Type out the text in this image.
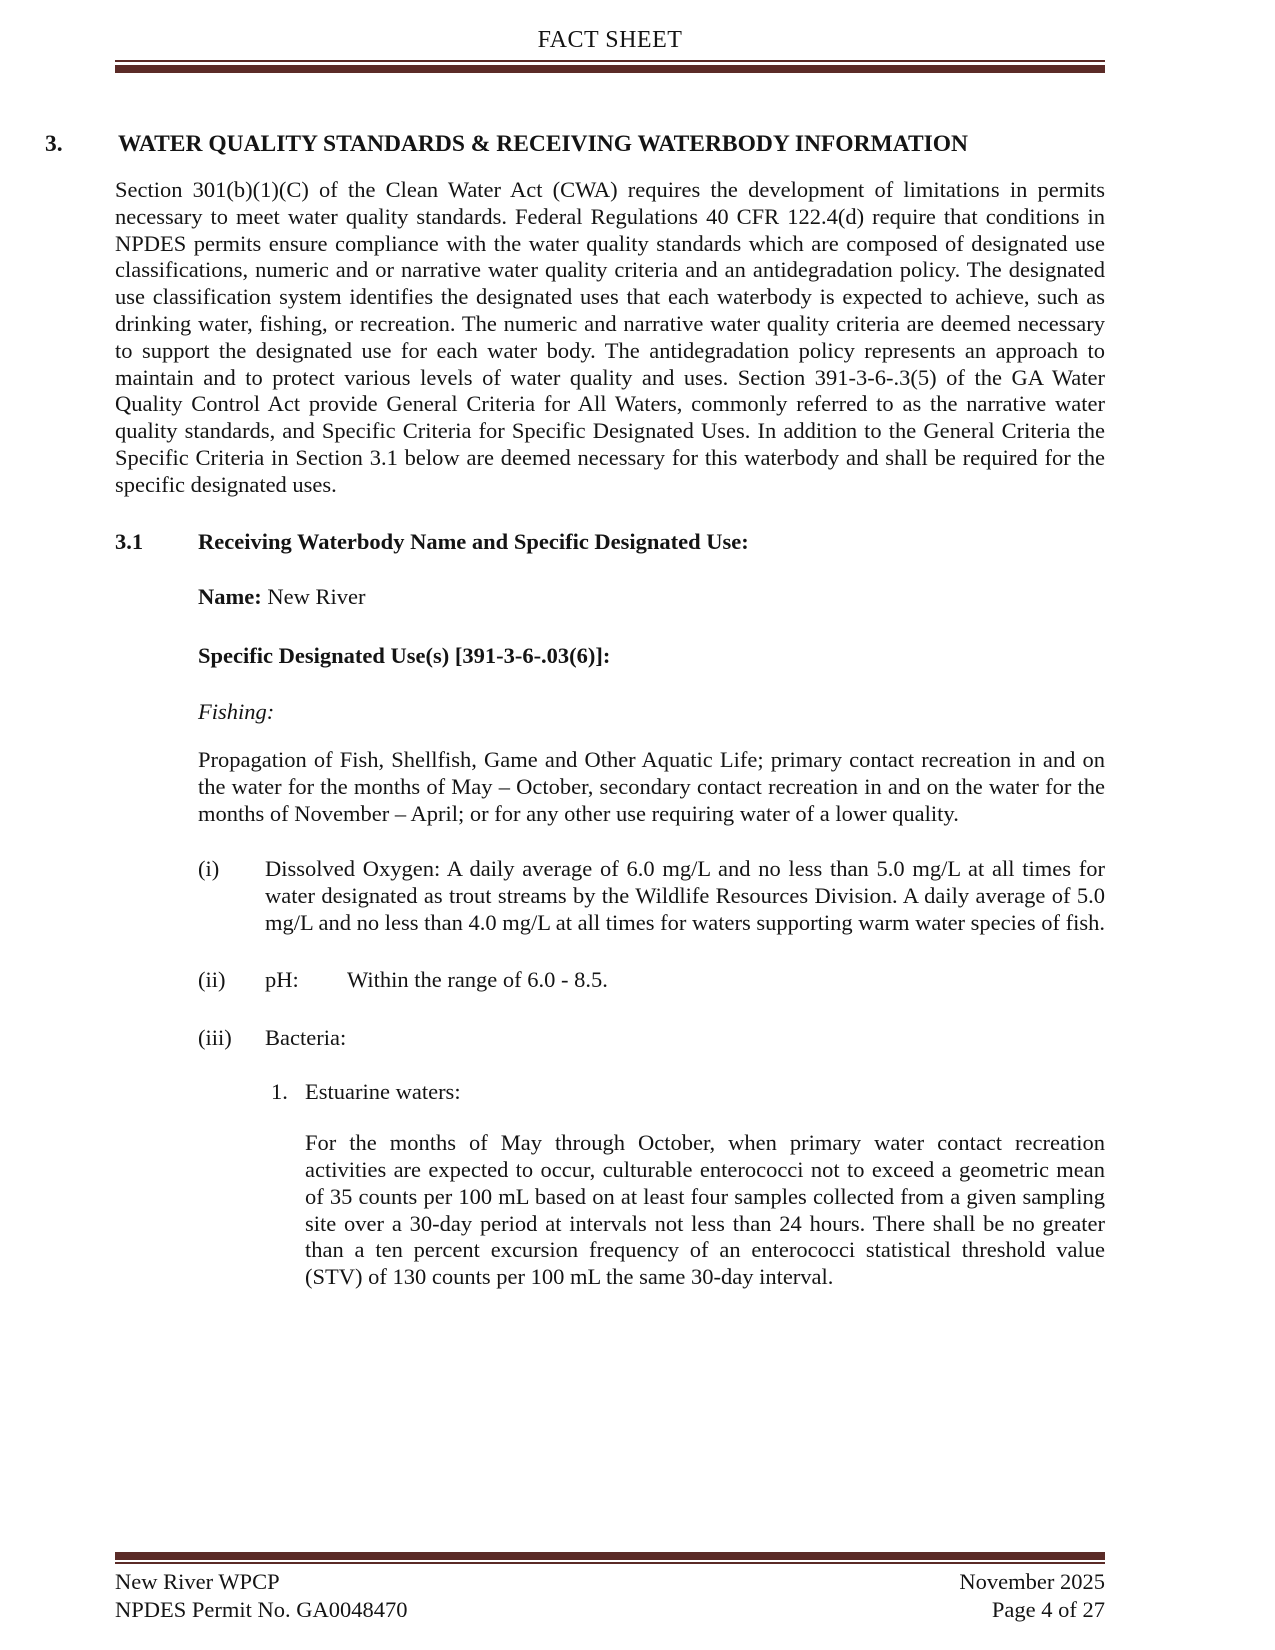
FACT SHEET
3.	WATER QUALITY STANDARDS & RECEIVING WATERBODY INFORMATION

Section 301(b)(1)(C) of the Clean Water Act (CWA) requires the development of limitations in permits necessary to meet water quality standards. Federal Regulations 40 CFR 122.4(d) require that conditions in NPDES permits ensure compliance with the water quality standards which are composed of designated use classifications, numeric and or narrative water quality criteria and an antidegradation policy. The designated use classification system identifies the designated uses that each waterbody is expected to achieve, such as drinking water, fishing, or recreation. The numeric and narrative water quality criteria are deemed necessary to support the designated use for each water body. The antidegradation policy represents an approach to maintain and to protect various levels of water quality and uses. Section 391-3-6-.3(5) of the GA Water Quality Control Act provide General Criteria for All Waters, commonly referred to as the narrative water quality standards, and Specific Criteria for Specific Designated Uses. In addition to the General Criteria the Specific Criteria in Section 3.1 below are deemed necessary for this waterbody and shall be required for the specific designated uses.

3.1	Receiving Waterbody Name and Specific Designated Use:

Name: New River

Specific Designated Use(s) [391-3-6-.03(6)]:

Fishing:

Propagation of Fish, Shellfish, Game and Other Aquatic Life; primary contact recreation in and on the water for the months of May – October, secondary contact recreation in and on the water for the months of November – April; or for any other use requiring water of a lower quality.

(i) Dissolved Oxygen: A daily average of 6.0 mg/L and no less than 5.0 mg/L at all times for water designated as trout streams by the Wildlife Resources Division. A daily average of 5.0 mg/L and no less than 4.0 mg/L at all times for waters supporting warm water species of fish.

(ii) pH: Within the range of 6.0 - 8.5.

(iii) Bacteria:

1. Estuarine waters:

For the months of May through October, when primary water contact recreation activities are expected to occur, culturable enterococci not to exceed a geometric mean of 35 counts per 100 mL based on at least four samples collected from a given sampling site over a 30-day period at intervals not less than 24 hours. There shall be no greater than a ten percent excursion frequency of an enterococci statistical threshold value (STV) of 130 counts per 100 mL the same 30-day interval.

New River WPCP
NPDES Permit No. GA0048470
November 2025
Page 4 of 27
